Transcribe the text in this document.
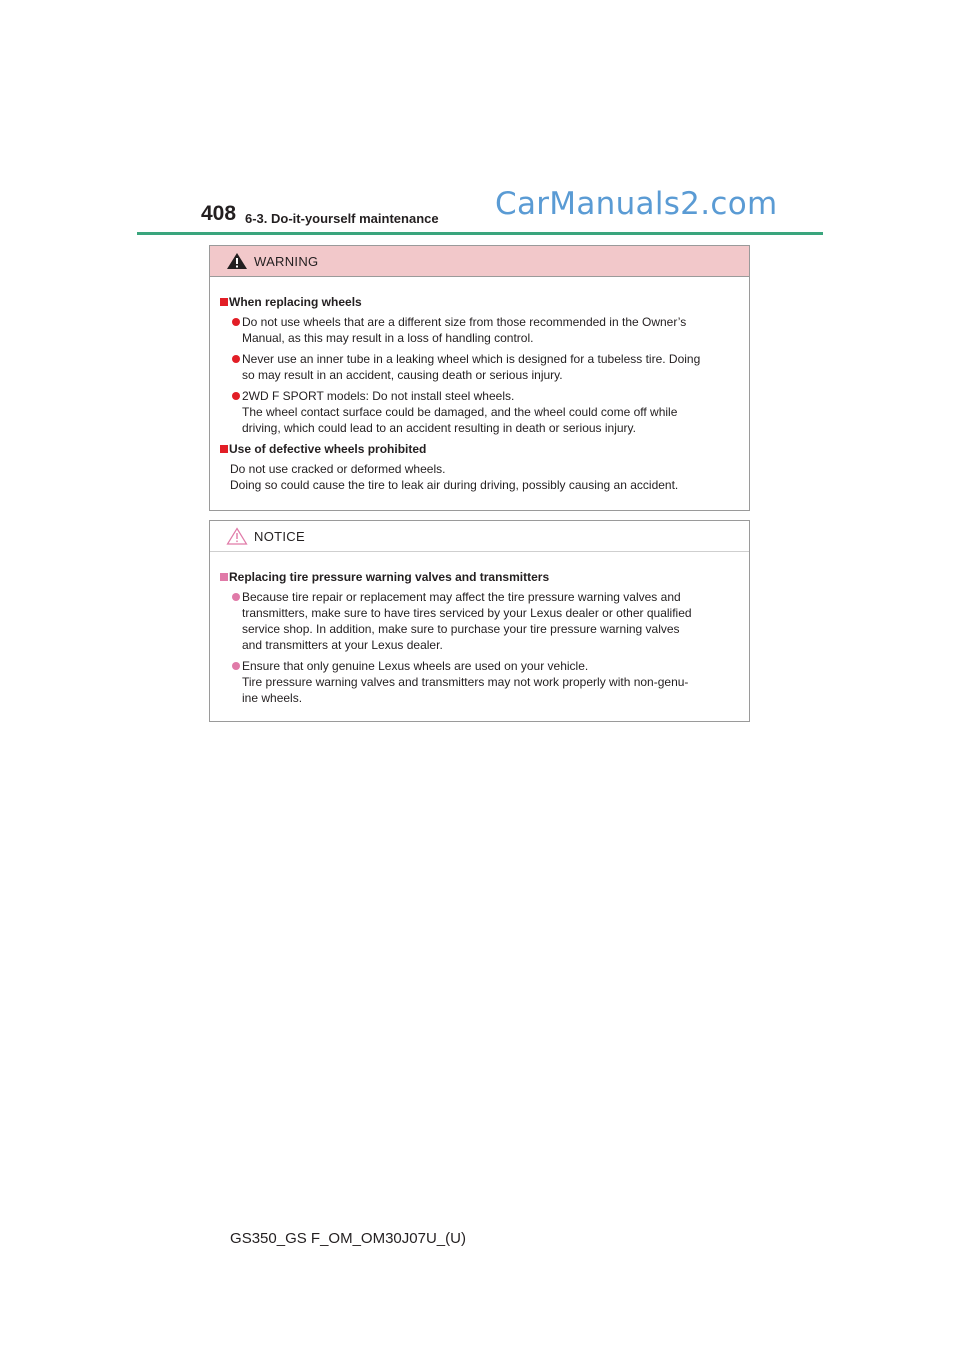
408 6-3. Do-it-yourself maintenance CarManuals2.com
WARNING
When replacing wheels
Do not use wheels that are a different size from those recommended in the Owner’s
Manual, as this may result in a loss of handling control.
Never use an inner tube in a leaking wheel which is designed for a tubeless tire. Doing
so may result in an accident, causing death or serious injury.
2WD F SPORT models: Do not install steel wheels.
The wheel contact surface could be damaged, and the wheel could come off while
driving, which could lead to an accident resulting in death or serious injury.
Use of defective wheels prohibited
Do not use cracked or deformed wheels.
Doing so could cause the tire to leak air during driving, possibly causing an accident.
NOTICE
Replacing tire pressure warning valves and transmitters
Because tire repair or replacement may affect the tire pressure warning valves and
transmitters, make sure to have tires serviced by your Lexus dealer or other qualified
service shop. In addition, make sure to purchase your tire pressure warning valves
and transmitters at your Lexus dealer.
Ensure that only genuine Lexus wheels are used on your vehicle.
Tire pressure warning valves and transmitters may not work properly with non-genu-
ine wheels.
GS350_GS F_OM_OM30J07U_(U)
